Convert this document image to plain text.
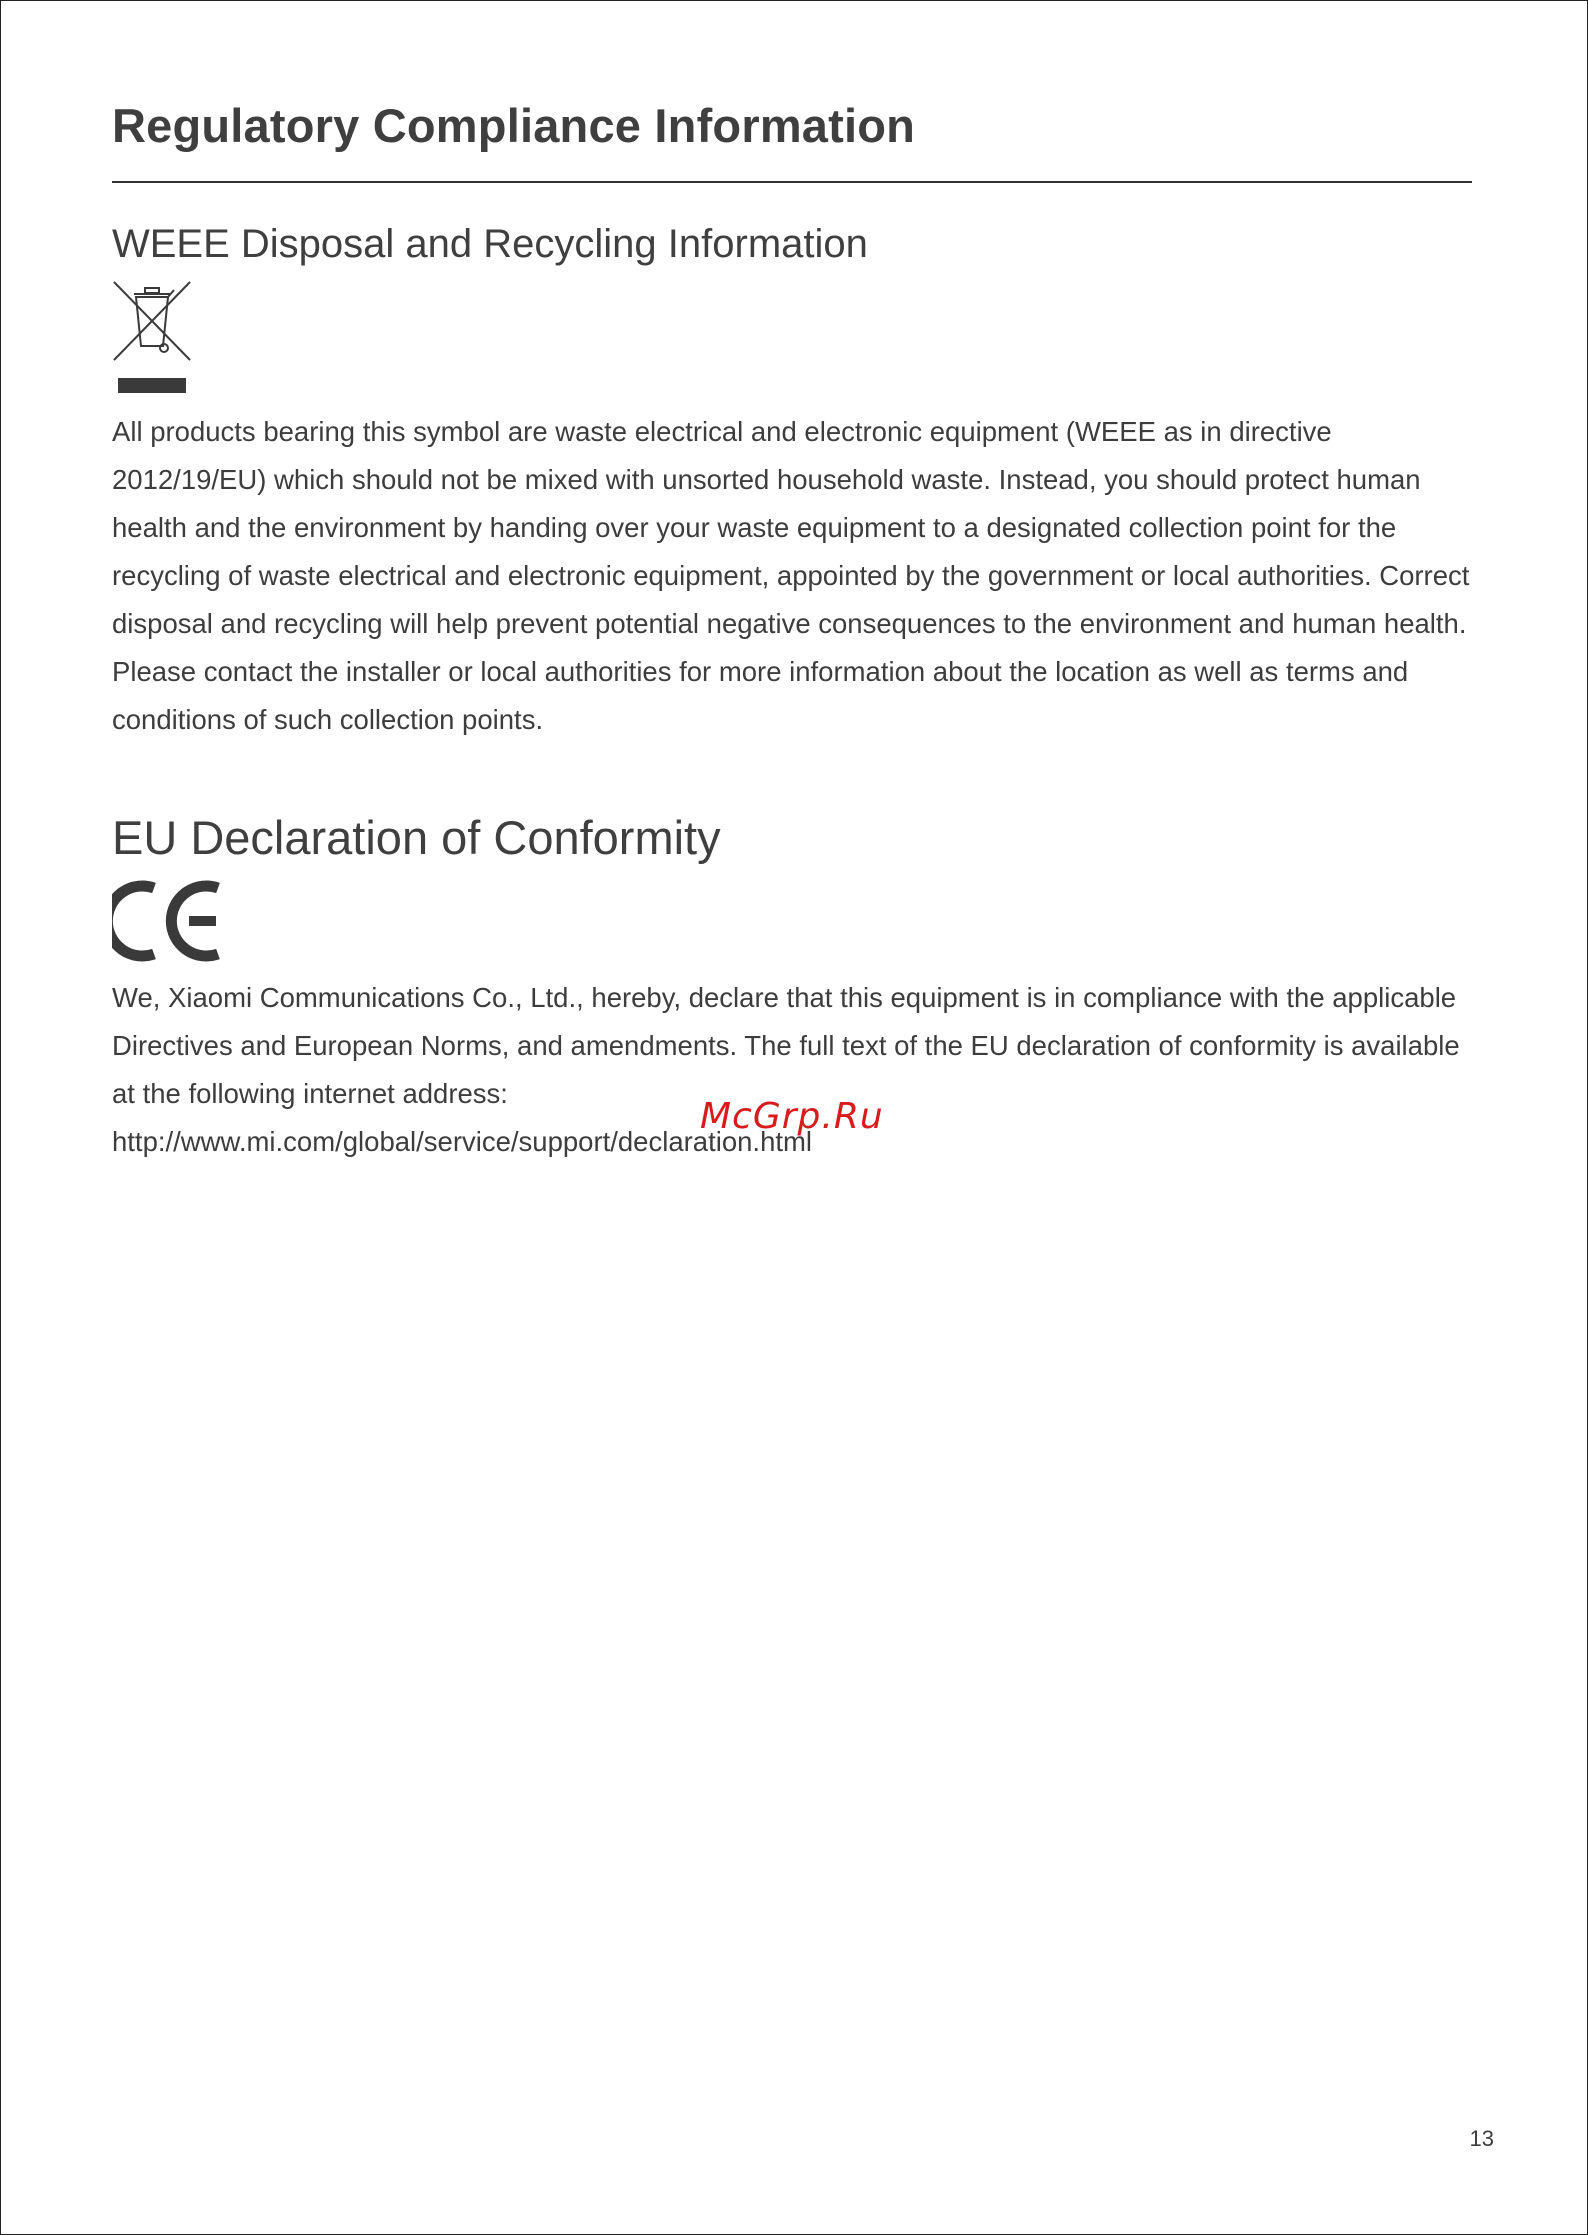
Regulatory Compliance Information
WEEE Disposal and Recycling Information

All products bearing this symbol are waste electrical and electronic equipment (WEEE as in directive 2012/19/EU) which should not be mixed with unsorted household waste. Instead, you should protect human health and the environment by handing over your waste equipment to a designated collection point for the recycling of waste electrical and electronic equipment, appointed by the government or local authorities. Correct disposal and recycling will help prevent potential negative consequences to the environment and human health. Please contact the installer or local authorities for more information about the location as well as terms and conditions of such collection points.

EU Declaration of Conformity
We, Xiaomi Communications Co., Ltd., hereby, declare that this equipment is in compliance with the applicable Directives and European Norms, and amendments. The full text of the EU declaration of conformity is available at the following internet address:
http://www.mi.com/global/service/support/declaration.html
McGrp.Ru
13
